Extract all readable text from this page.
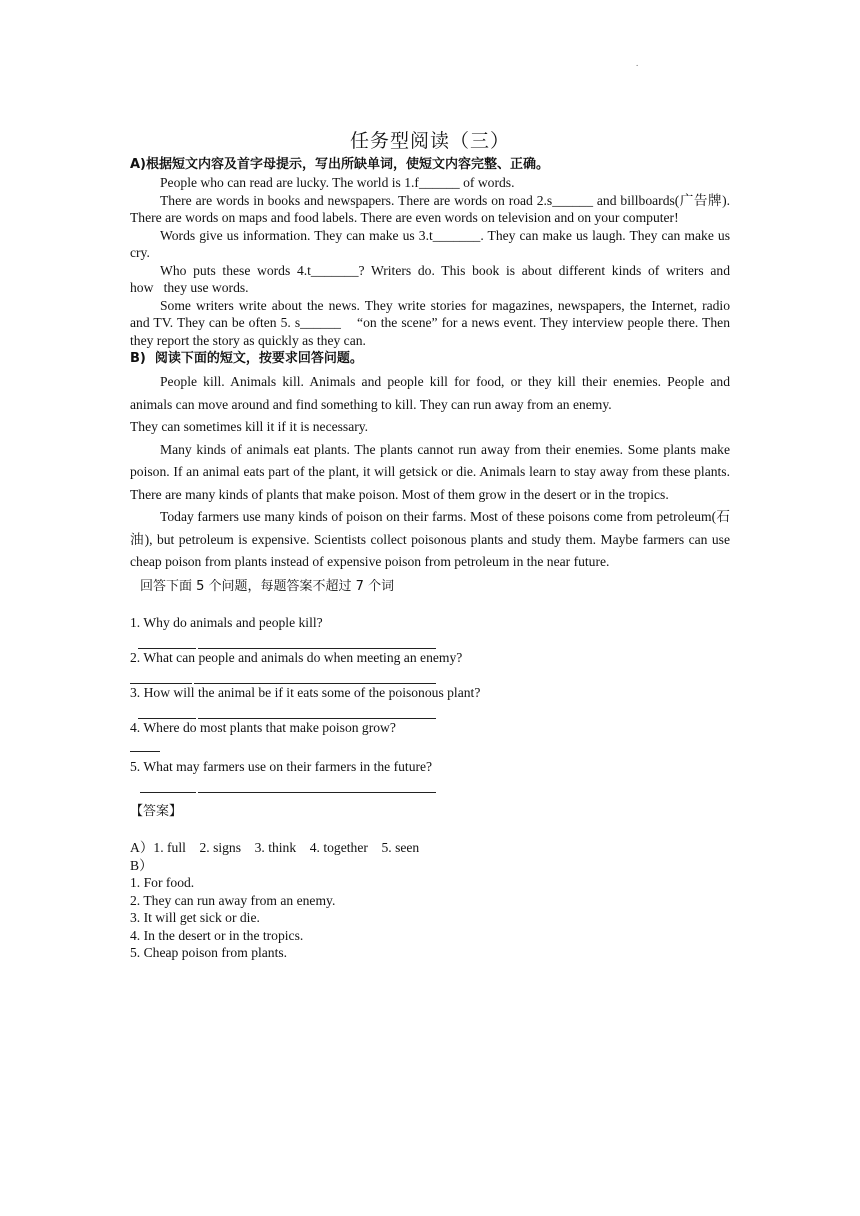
.
任务型阅读（三）

A)根据短文内容及首字母提示，写出所缺单词，使短文内容完整、正确。

People who can read are lucky. The world is 1.f______ of words.

There are words in books and newspapers. There are words on road 2.s______ and billboards(广告牌). There are words on maps and food labels. There are even words on television and on your computer!

Words give us information. They can make us 3.t_______. They can make us laugh. They can make us cry.

Who puts these words 4.t_______? Writers do. This book is about different kinds of writers and how   they use words.

Some writers write about the news. They write stories for magazines, newspapers, the Internet, radio and TV. They can be often 5. s______    “on the scene” for a news event. They interview people there. Then they report the story as quickly as they can.

B)  阅读下面的短文，按要求回答问题。

People kill. Animals kill. Animals and people kill for food, or they kill their enemies. People and animals can move around and find something to kill. They can run away from an enemy.

They can sometimes kill it if it is necessary.

Many kinds of animals eat plants. The plants cannot run away from their enemies. Some plants make poison. If an animal eats part of the plant, it will getsick or die. Animals learn to stay away from these plants. There are many kinds of plants that make poison. Most of them grow in the desert or in the tropics.

Today farmers use many kinds of poison on their farms. Most of these poisons come from petroleum(石油), but petroleum is expensive. Scientists collect poisonous plants and study them. Maybe farmers can use cheap poison from plants instead of expensive poison from petroleum in the near future.

回答下面 5 个问题，每题答案不超过 7 个词

1. Why do animals and people kill?

2. What can people and animals do when meeting an enemy?

3. How will the animal be if it eats some of the poisonous plant?

4. Where do most plants that make poison grow?

5. What may farmers use on their farmers in the future?

【答案】

A）1. full    2. signs    3. think    4. together    5. seen

B）

1. For food.

2. They can run away from an enemy.

3. It will get sick or die.

4. In the desert or in the tropics.

5. Cheap poison from plants.
